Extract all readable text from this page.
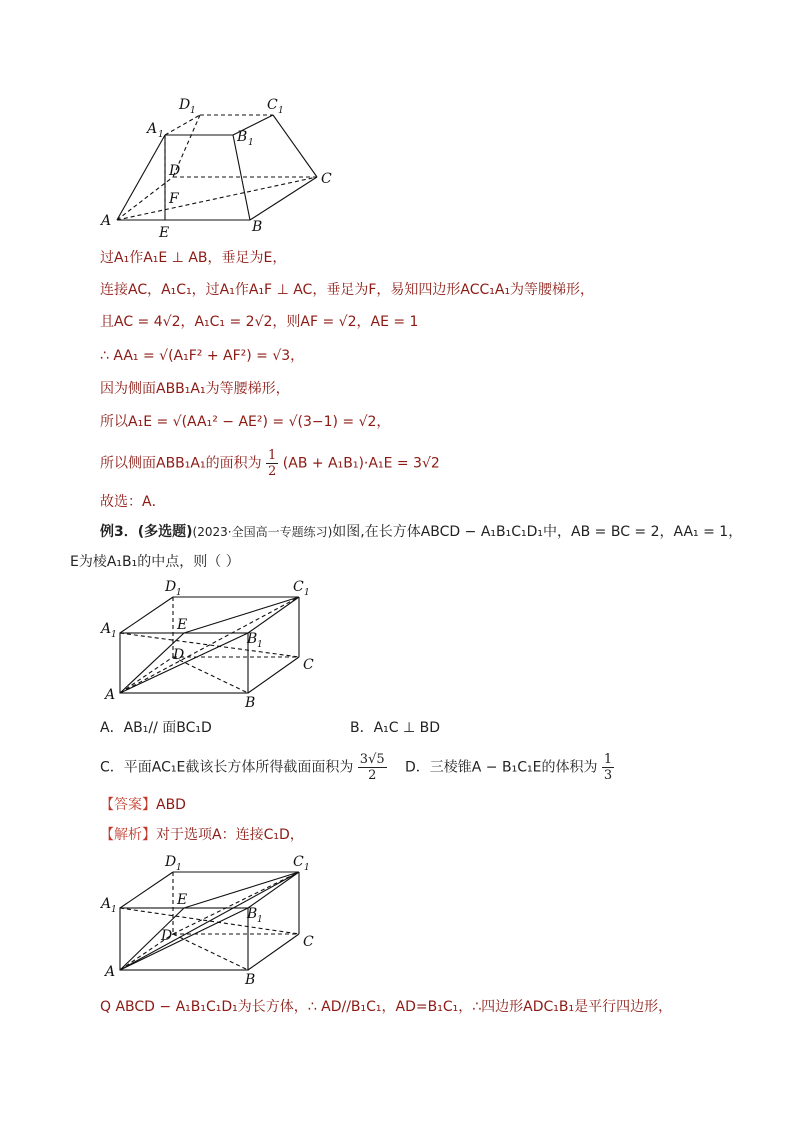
D 1	C 1
A 1	B 1
D	C
F
A	B
E
过A₁作A₁E ⊥ AB，垂足为E，
连接AC，A₁C₁，过A₁作A₁F ⊥ AC，垂足为F，易知四边形ACC₁A₁为等腰梯形，
且AC = 4√2，A₁C₁ = 2√2，则AF = √2，AE = 1
∴ AA₁ = √(A₁F² + AF²) = √3，
因为侧面ABB₁A₁为等腰梯形，
所以A₁E = √(AA₁² − AE²) = √(3−1) = √2，
所以侧面ABB₁A₁的面积为 $\frac{1}{2} (AB + A_1B_1)\cdot A_1E = 3√2$
故选：A．
例3．(多选题)(2023·全国高一专题练习)如图,在长方体ABCD − A₁B₁C₁D₁中，AB = BC = 2，AA₁ = 1，
E为棱A₁B₁的中点，则（ ）
D 1	C 1
A 1
E
B 1
D
C
A	B
A．AB₁// 面BC₁D	B．A₁C ⊥ BD
C．平面AC₁E截该长方体所得截面面积为 $\frac{3√5}{2}$ D．三棱锥A − B₁C₁E的体积为 $\frac{1}{3}$
【答案】ABD
【解析】对于选项A：连接C₁D，
D 1	C 1
A 1
E
B 1
D	C
A	B
Q ABCD − A₁B₁C₁D₁为长方体，∴ AD//B₁C₁，AD=B₁C₁，∴四边形ADC₁B₁是平行四边形，
